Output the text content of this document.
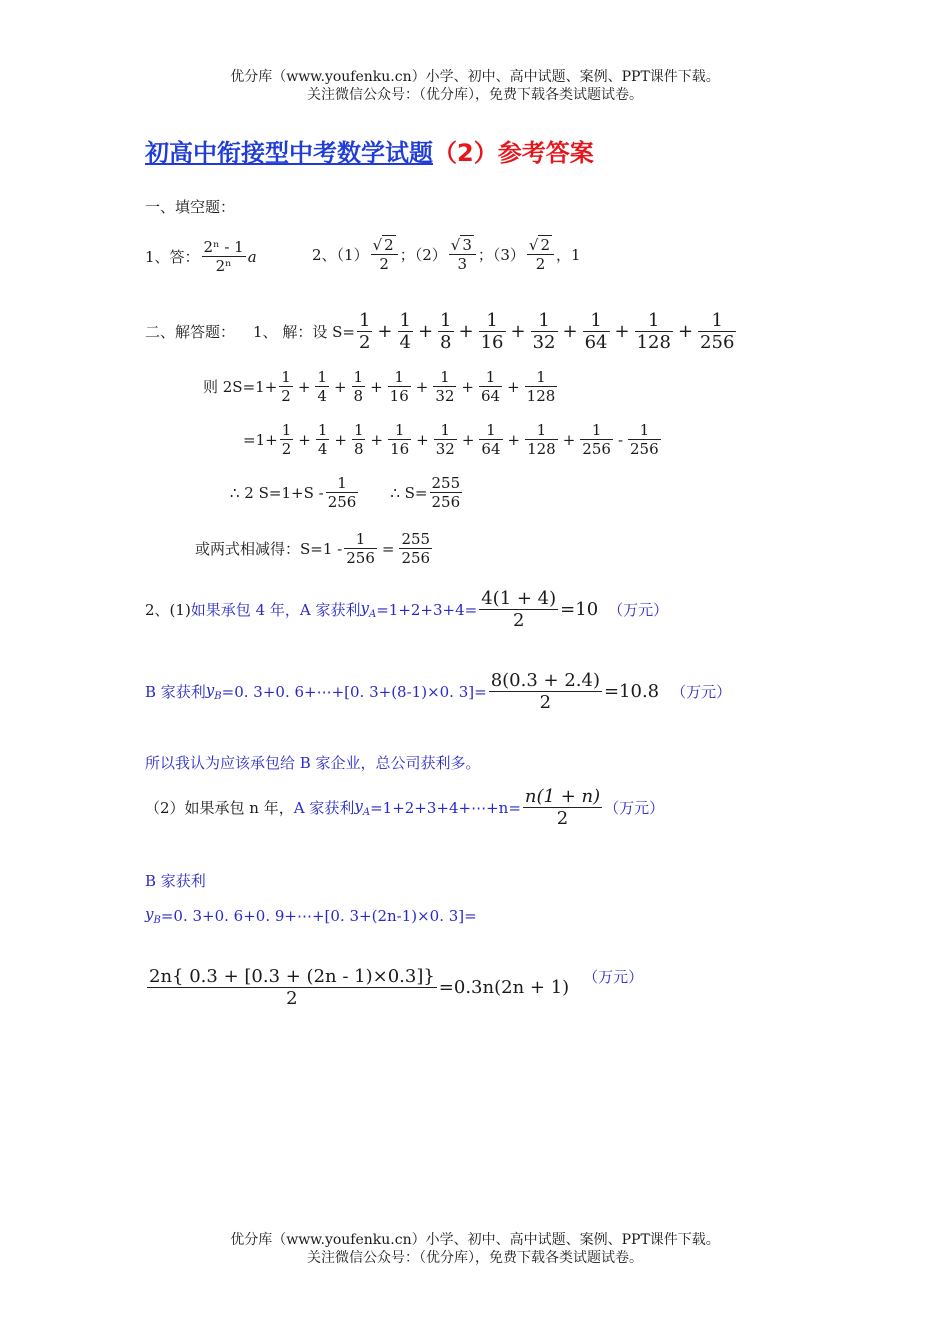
优分库（www.youfenku.cn）小学、初中、高中试题、案例、PPT课件下载。
关注微信公众号：（优分库），免费下载各类试题试卷。
初高中衔接型中考数学试题（2）参考答案
一、填空题：
1、答： $\frac{\text{2ⁿ - 1}}{\text{2ⁿ}}$ a	2、$(1) \frac{√ 2}{2}$ ；$(2) \frac{√ 3}{3}$ ；$(3) \frac{√ 2}{2}$ ，1
二、解答题： 1、 解：设 $S= \frac{1}{2} + \frac{1}{4} + \frac{1}{8} + \frac{1}{16} + \frac{1}{32} + \frac{1}{64} + \frac{1}{128} + \frac{1}{256}$
则 $2S=1+ \frac{1}{2} + \frac{1}{4} + \frac{1}{8} + \frac{1}{16} + \frac{1}{32} + \frac{1}{64} + \frac{1}{128}$
$=1+ \frac{1}{2} + \frac{1}{4} + \frac{1}{8} + \frac{1}{16} + \frac{1}{32} + \frac{1}{64} + \frac{1}{128} + \frac{1}{256} - \frac{1}{256}$
∴ 2 $S=1+S - \frac{1}{256}$ ∴ $S= \frac{255}{256}$
或两式相减得：$S=1 - \frac{1}{256} = \frac{255}{256}$
2、(1) 如果承包 4 年，A 家获利 $y_A =1+2+3+4= \frac{4(1 + 4)}{2} =10$ （万元）
B 家获利 $y_B =0$. 3+0. 6+⋯+[0. 3+(8-1)×0. $3]= \frac{8(0.3 + 2.4)}{2} =10.8$ （万元）
所以我认为应该承包给 B 家企业，总公司获利多。
（2）如果承包 n 年， A 家获利 $y_A$ =1+2+3+4+⋯+n= $\frac{n(1 + n)}{2}$ （万元）
B 家获利
$y_B =0$. 3+0. 6+0. 9+⋯+[0. 3+(2n-1)×0. 3]=
$\frac{2n\{ 0.3 + [0.3 + (2n - 1)\times 0.3]\}}{2} =0.3n(2n + 1)$ （万元）
优分库（www.youfenku.cn）小学、初中、高中试题、案例、PPT课件下载。
关注微信公众号：（优分库），免费下载各类试题试卷。
